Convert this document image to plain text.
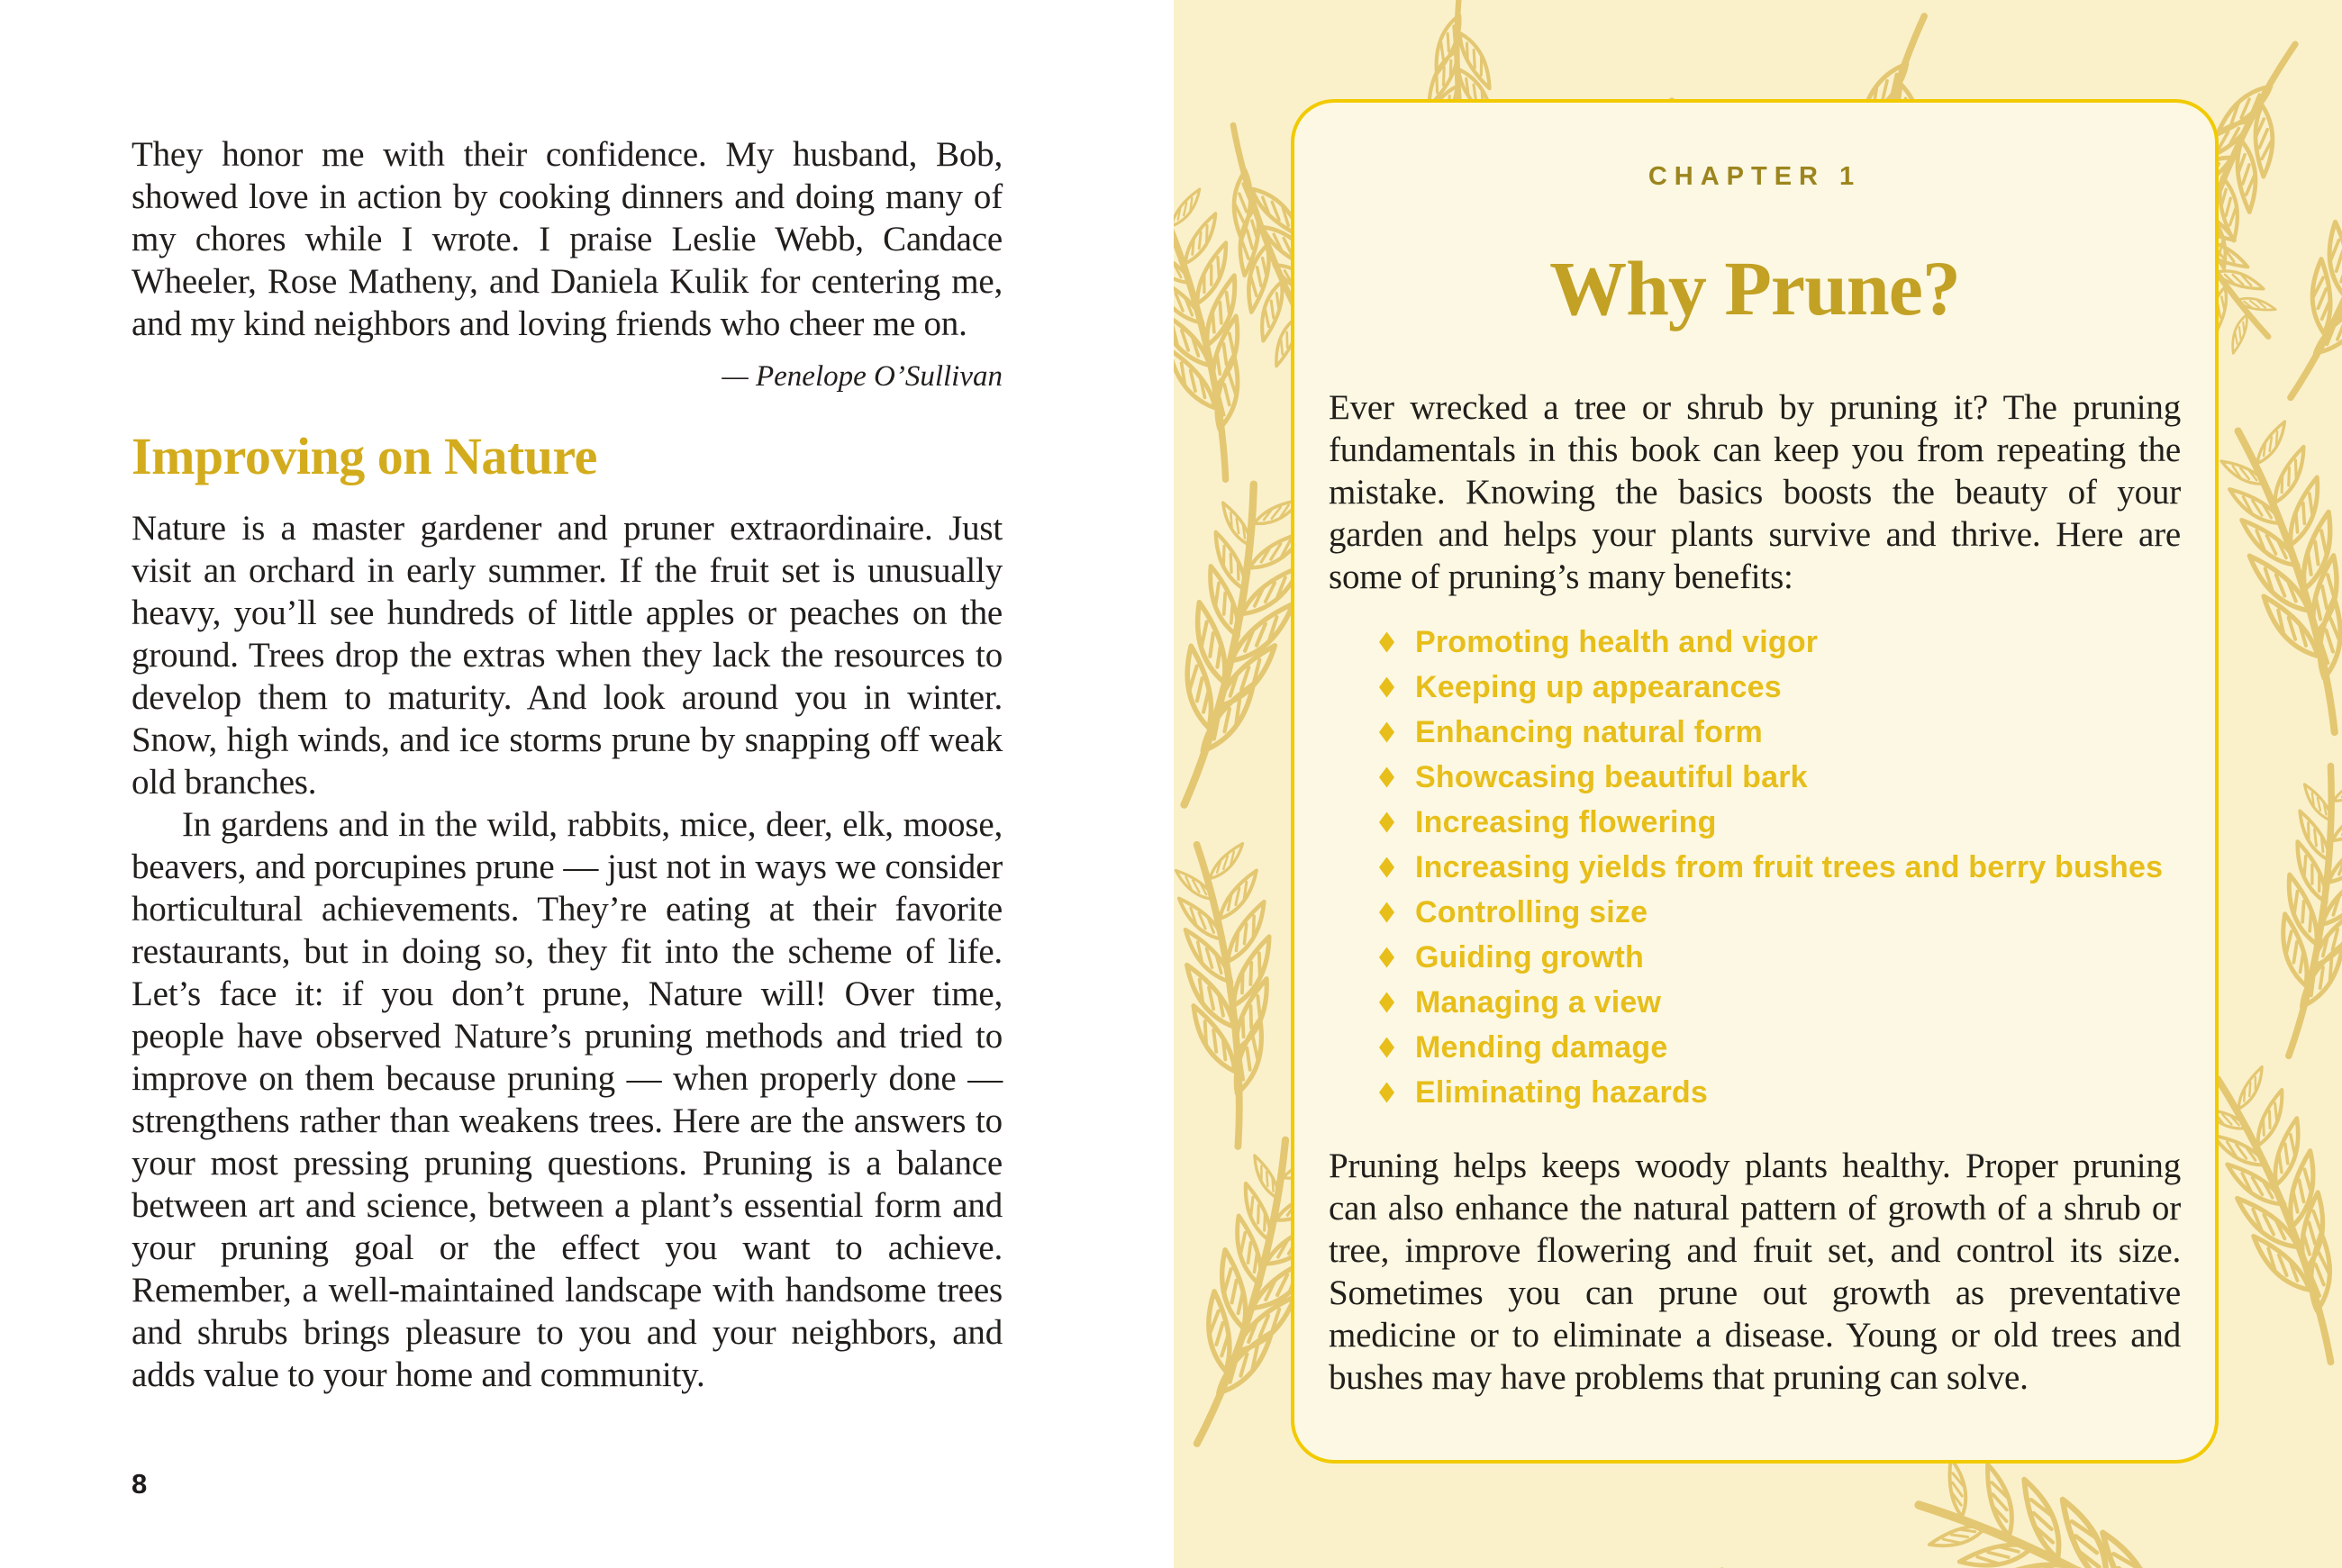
They honor me with their confidence. My husband, Bob, showed love in action by cooking dinners and doing many of my chores while I wrote. I praise Leslie Webb, Candace Wheeler, Rose Matheny, and Daniela Kulik for centering me, and my kind neighbors and loving friends who cheer me on.

— Penelope O’Sullivan

Improving on Nature

Nature is a master gardener and pruner extraordinaire. Just visit an orchard in early summer. If the fruit set is unusually heavy, you’ll see hundreds of little apples or peaches on the ground. Trees drop the extras when they lack the resources to develop them to maturity. And look around you in winter. Snow, high winds, and ice storms prune by snapping off weak old branches.

In gardens and in the wild, rabbits, mice, deer, elk, moose, beavers, and porcupines prune — just not in ways we consider horticultural achievements. They’re eating at their favorite restaurants, but in doing so, they fit into the scheme of life. Let’s face it: if you don’t prune, Nature will! Over time, people have observed Nature’s pruning methods and tried to improve on them because pruning — when properly done — strengthens rather than weakens trees. Here are the answers to your most pressing pruning questions. Pruning is a balance between art and science, between a plant’s essential form and your pruning goal or the effect you want to achieve. Remember, a well-maintained landscape with handsome trees and shrubs brings pleasure to you and your neighbors, and adds value to your home and community.

8
CHAPTER 1
Why Prune?

Ever wrecked a tree or shrub by pruning it? The pruning fundamentals in this book can keep you from repeating the mistake. Knowing the basics boosts the beauty of your garden and helps your plants survive and thrive. Here are some of pruning’s many benefits:

Promoting health and vigor
Keeping up appearances
Enhancing natural form
Showcasing beautiful bark
Increasing flowering
Increasing yields from fruit trees and berry bushes
Controlling size
Guiding growth
Managing a view
Mending damage
Eliminating hazards

Pruning helps keeps woody plants healthy. Proper pruning can also enhance the natural pattern of growth of a shrub or tree, improve flowering and fruit set, and control its size. Sometimes you can prune out growth as preventative medicine or to eliminate a disease. Young or old trees and bushes may have problems that pruning can solve.
